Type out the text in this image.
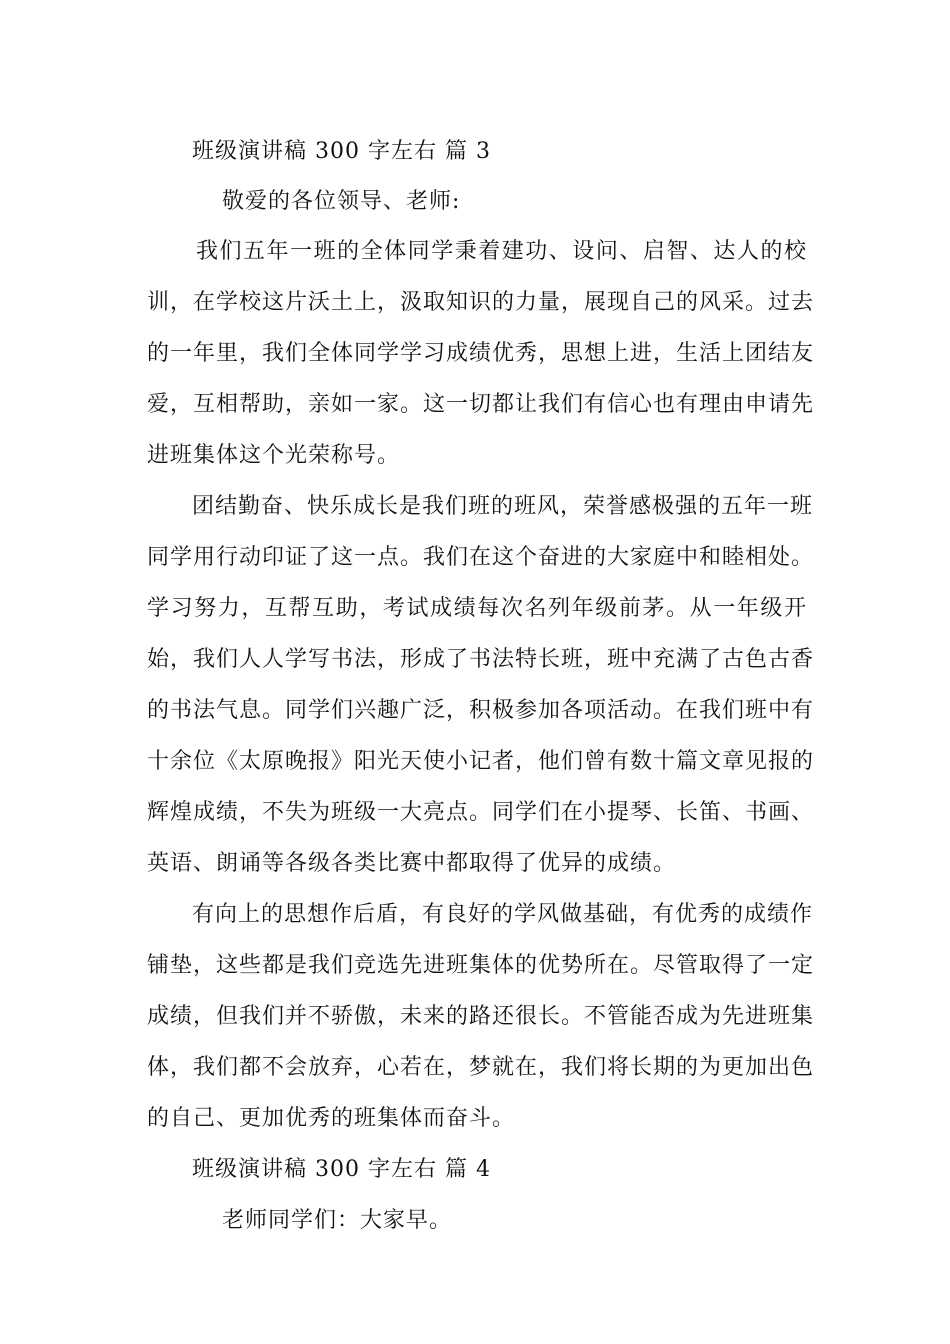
班级演讲稿 300 字左右 篇 3

敬爱的各位领导、老师:

我们五年一班的全体同学秉着建功、设问、启智、达人的校

训，在学校这片沃土上，汲取知识的力量，展现自己的风采。过去

的一年里，我们全体同学学习成绩优秀，思想上进，生活上团结友

爱，互相帮助，亲如一家。这一切都让我们有信心也有理由申请先

进班集体这个光荣称号。

团结勤奋、快乐成长是我们班的班风，荣誉感极强的五年一班

同学用行动印证了这一点。我们在这个奋进的大家庭中和睦相处。

学习努力，互帮互助，考试成绩每次名列年级前茅。从一年级开

始，我们人人学写书法，形成了书法特长班，班中充满了古色古香

的书法气息。同学们兴趣广泛，积极参加各项活动。在我们班中有

十余位《太原晚报》阳光天使小记者，他们曾有数十篇文章见报的

辉煌成绩，不失为班级一大亮点。同学们在小提琴、长笛、书画、

英语、朗诵等各级各类比赛中都取得了优异的成绩。

有向上的思想作后盾，有良好的学风做基础，有优秀的成绩作

铺垫，这些都是我们竞选先进班集体的优势所在。尽管取得了一定

成绩，但我们并不骄傲，未来的路还很长。不管能否成为先进班集

体，我们都不会放弃，心若在，梦就在，我们将长期的为更加出色

的自己、更加优秀的班集体而奋斗。

班级演讲稿 300 字左右 篇 4

老师同学们：大家早。
